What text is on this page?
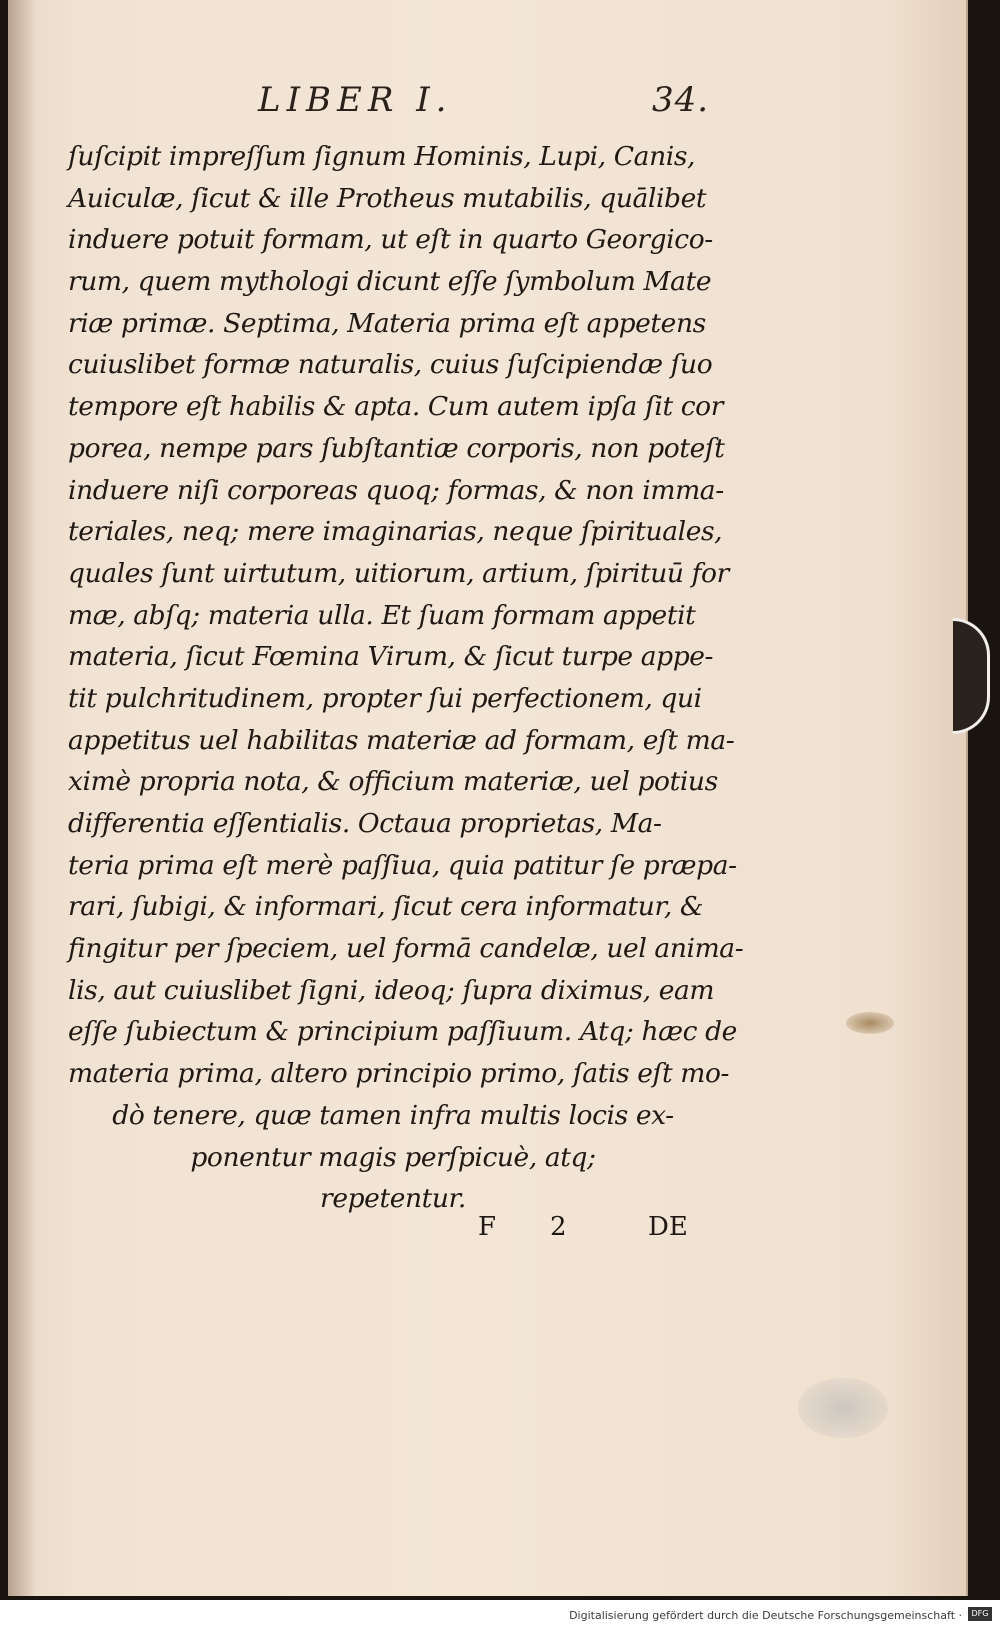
LIBER I.	34.
ſuſcipit impreſſum ſignum Hominis, Lupi, Canis,
Auiculæ, ſicut & ille Protheus mutabilis, quālibet
induere potuit formam, ut eſt in quarto Georgico-
rum, quem mythologi dicunt eſſe ſymbolum Mate
riæ primæ. Septima, Materia prima eſt appetens
cuiuslibet formæ naturalis, cuius ſuſcipiendæ ſuo
tempore eſt habilis & apta. Cum autem ipſa ſit cor
porea, nempe pars ſubſtantiæ corporis, non poteſt
induere niſi corporeas quoq; formas, & non imma-
teriales, neq; mere imaginarias, neque ſpirituales,
quales ſunt uirtutum, uitiorum, artium, ſpirituū for
mæ, abſq; materia ulla. Et ſuam formam appetit
materia, ſicut Fœmina Virum, & ſicut turpe appe-
tit pulchritudinem, propter ſui perfectionem, qui
appetitus uel habilitas materiæ ad formam, eſt ma-
ximè propria nota, & officium materiæ, uel potius
differentia eſſentialis. Octaua proprietas, Ma-
teria prima eſt merè paſſiua, quia patitur ſe præpa-
rari, ſubigi, & informari, ſicut cera informatur, &
fingitur per ſpeciem, uel formā candelæ, uel anima-
lis, aut cuiuslibet ſigni, ideoq; ſupra diximus, eam
eſſe ſubiectum & principium paſſiuum. Atq; hæc de
materia prima, altero principio primo, ſatis eſt mo-
dò tenere, quæ tamen infra multis locis ex-
ponentur magis perſpicuè, atq;
repetentur.
F 2	DE
Digitalisierung gefördert durch die Deutsche Forschungsgemeinschaft ·	DFG
